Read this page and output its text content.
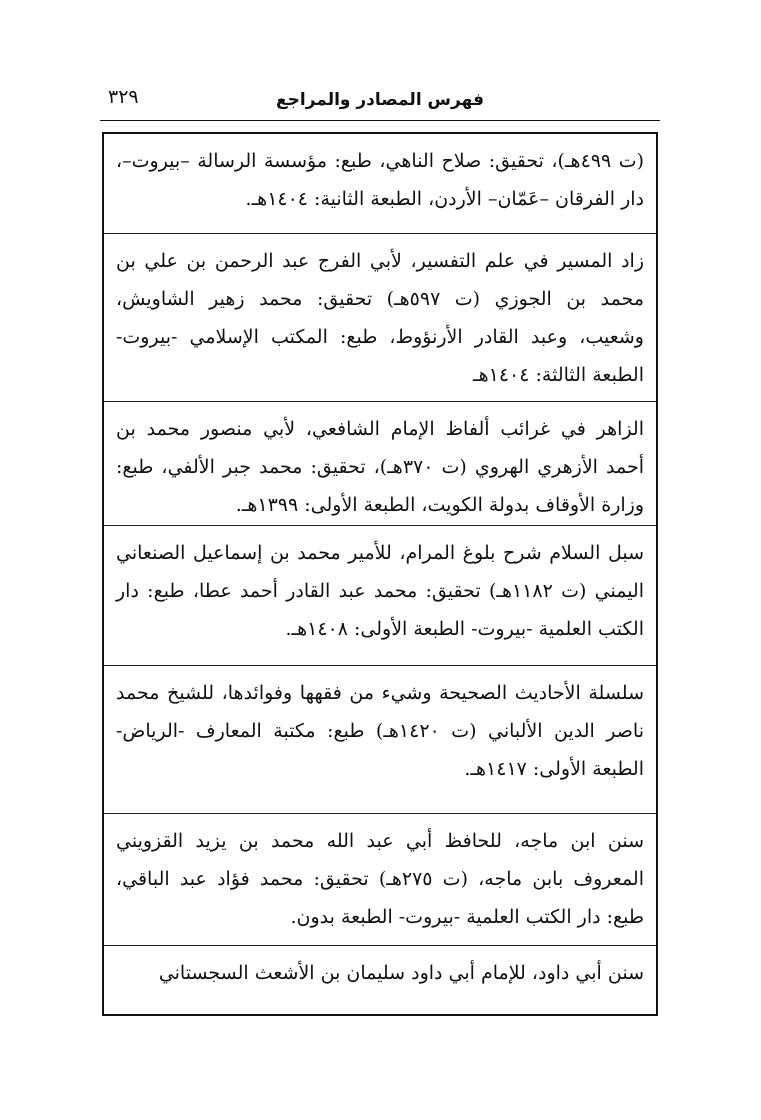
٣٢٩	فهرس المصادر والمراجع
(ت ٤٩٩هـ)، تحقيق: صلاح الناهي، طبع: مؤسسة الرسالة –بيروت–، دار الفرقان –عَمّان– الأردن، الطبعة الثانية: ١٤٠٤هـ.
زاد المسير في علم التفسير، لأبي الفرج عبد الرحمن بن علي بن محمد بن الجوزي (ت ٥٩٧هـ) تحقيق: محمد زهير الشاويش، وشعيب، وعبد القادر الأرنؤوط، طبع: المكتب الإسلامي -بيروت- الطبعة الثالثة: ١٤٠٤هـ
الزاهر في غرائب ألفاظ الإمام الشافعي، لأبي منصور محمد بن أحمد الأزهري الهروي (ت ٣٧٠هـ)، تحقيق: محمد جبر الألفي، طبع: وزارة الأوقاف بدولة الكويت، الطبعة الأولى: ١٣٩٩هـ.
سبل السلام شرح بلوغ المرام، للأمير محمد بن إسماعيل الصنعاني اليمني (ت ١١٨٢هـ) تحقيق: محمد عبد القادر أحمد عطا، طبع: دار الكتب العلمية -بيروت- الطبعة الأولى: ١٤٠٨هـ.
سلسلة الأحاديث الصحيحة وشيء من فقهها وفوائدها، للشيخ محمد ناصر الدين الألباني (ت ١٤٢٠هـ) طبع: مكتبة المعارف -الرياض- الطبعة الأولى: ١٤١٧هـ.
سنن ابن ماجه، للحافظ أبي عبد الله محمد بن يزيد القزويني المعروف بابن ماجه، (ت ٢٧٥هـ) تحقيق: محمد فؤاد عبد الباقي، طبع: دار الكتب العلمية -بيروت- الطبعة بدون.
سنن أبي داود، للإمام أبي داود سليمان بن الأشعث السجستاني
